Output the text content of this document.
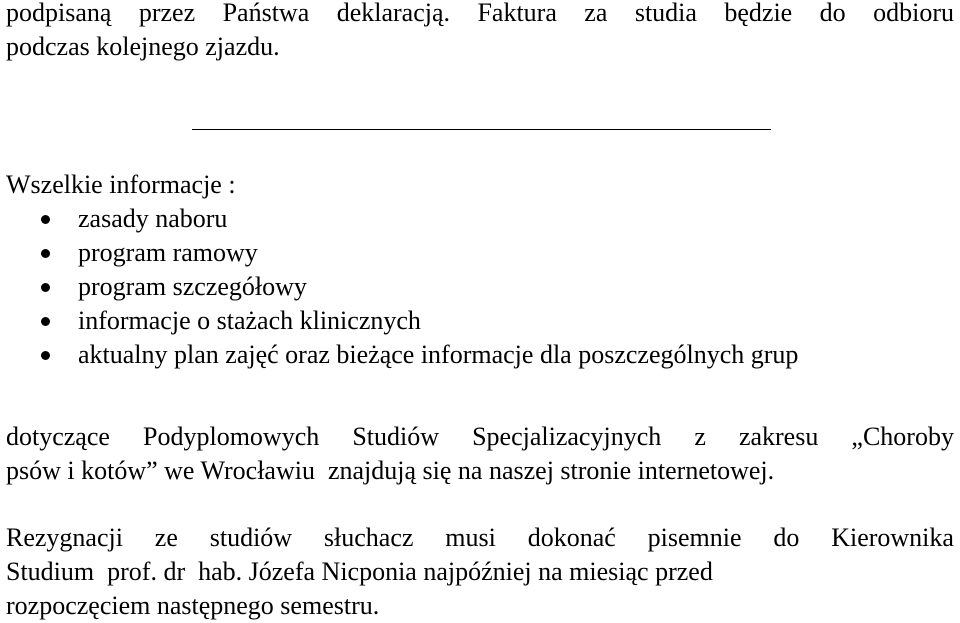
podpisaną przez Państwa deklaracją. Faktura za studia będzie do odbioru
podczas kolejnego zjazdu.
Wszelkie informacje :
zasady naboru
program ramowy
program szczegółowy
informacje o stażach klinicznych
aktualny plan zajęć oraz bieżące informacje dla poszczególnych grup
dotyczące Podyplomowych Studiów Specjalizacyjnych z zakresu „Choroby
psów i kotów” we Wrocławiu  znajdują się na naszej stronie internetowej.
Rezygnacji ze studiów słuchacz musi dokonać pisemnie do Kierownika
Studium  prof. dr  hab. Józefa Nicponia najpóźniej na miesiąc przed
rozpoczęciem następnego semestru.
